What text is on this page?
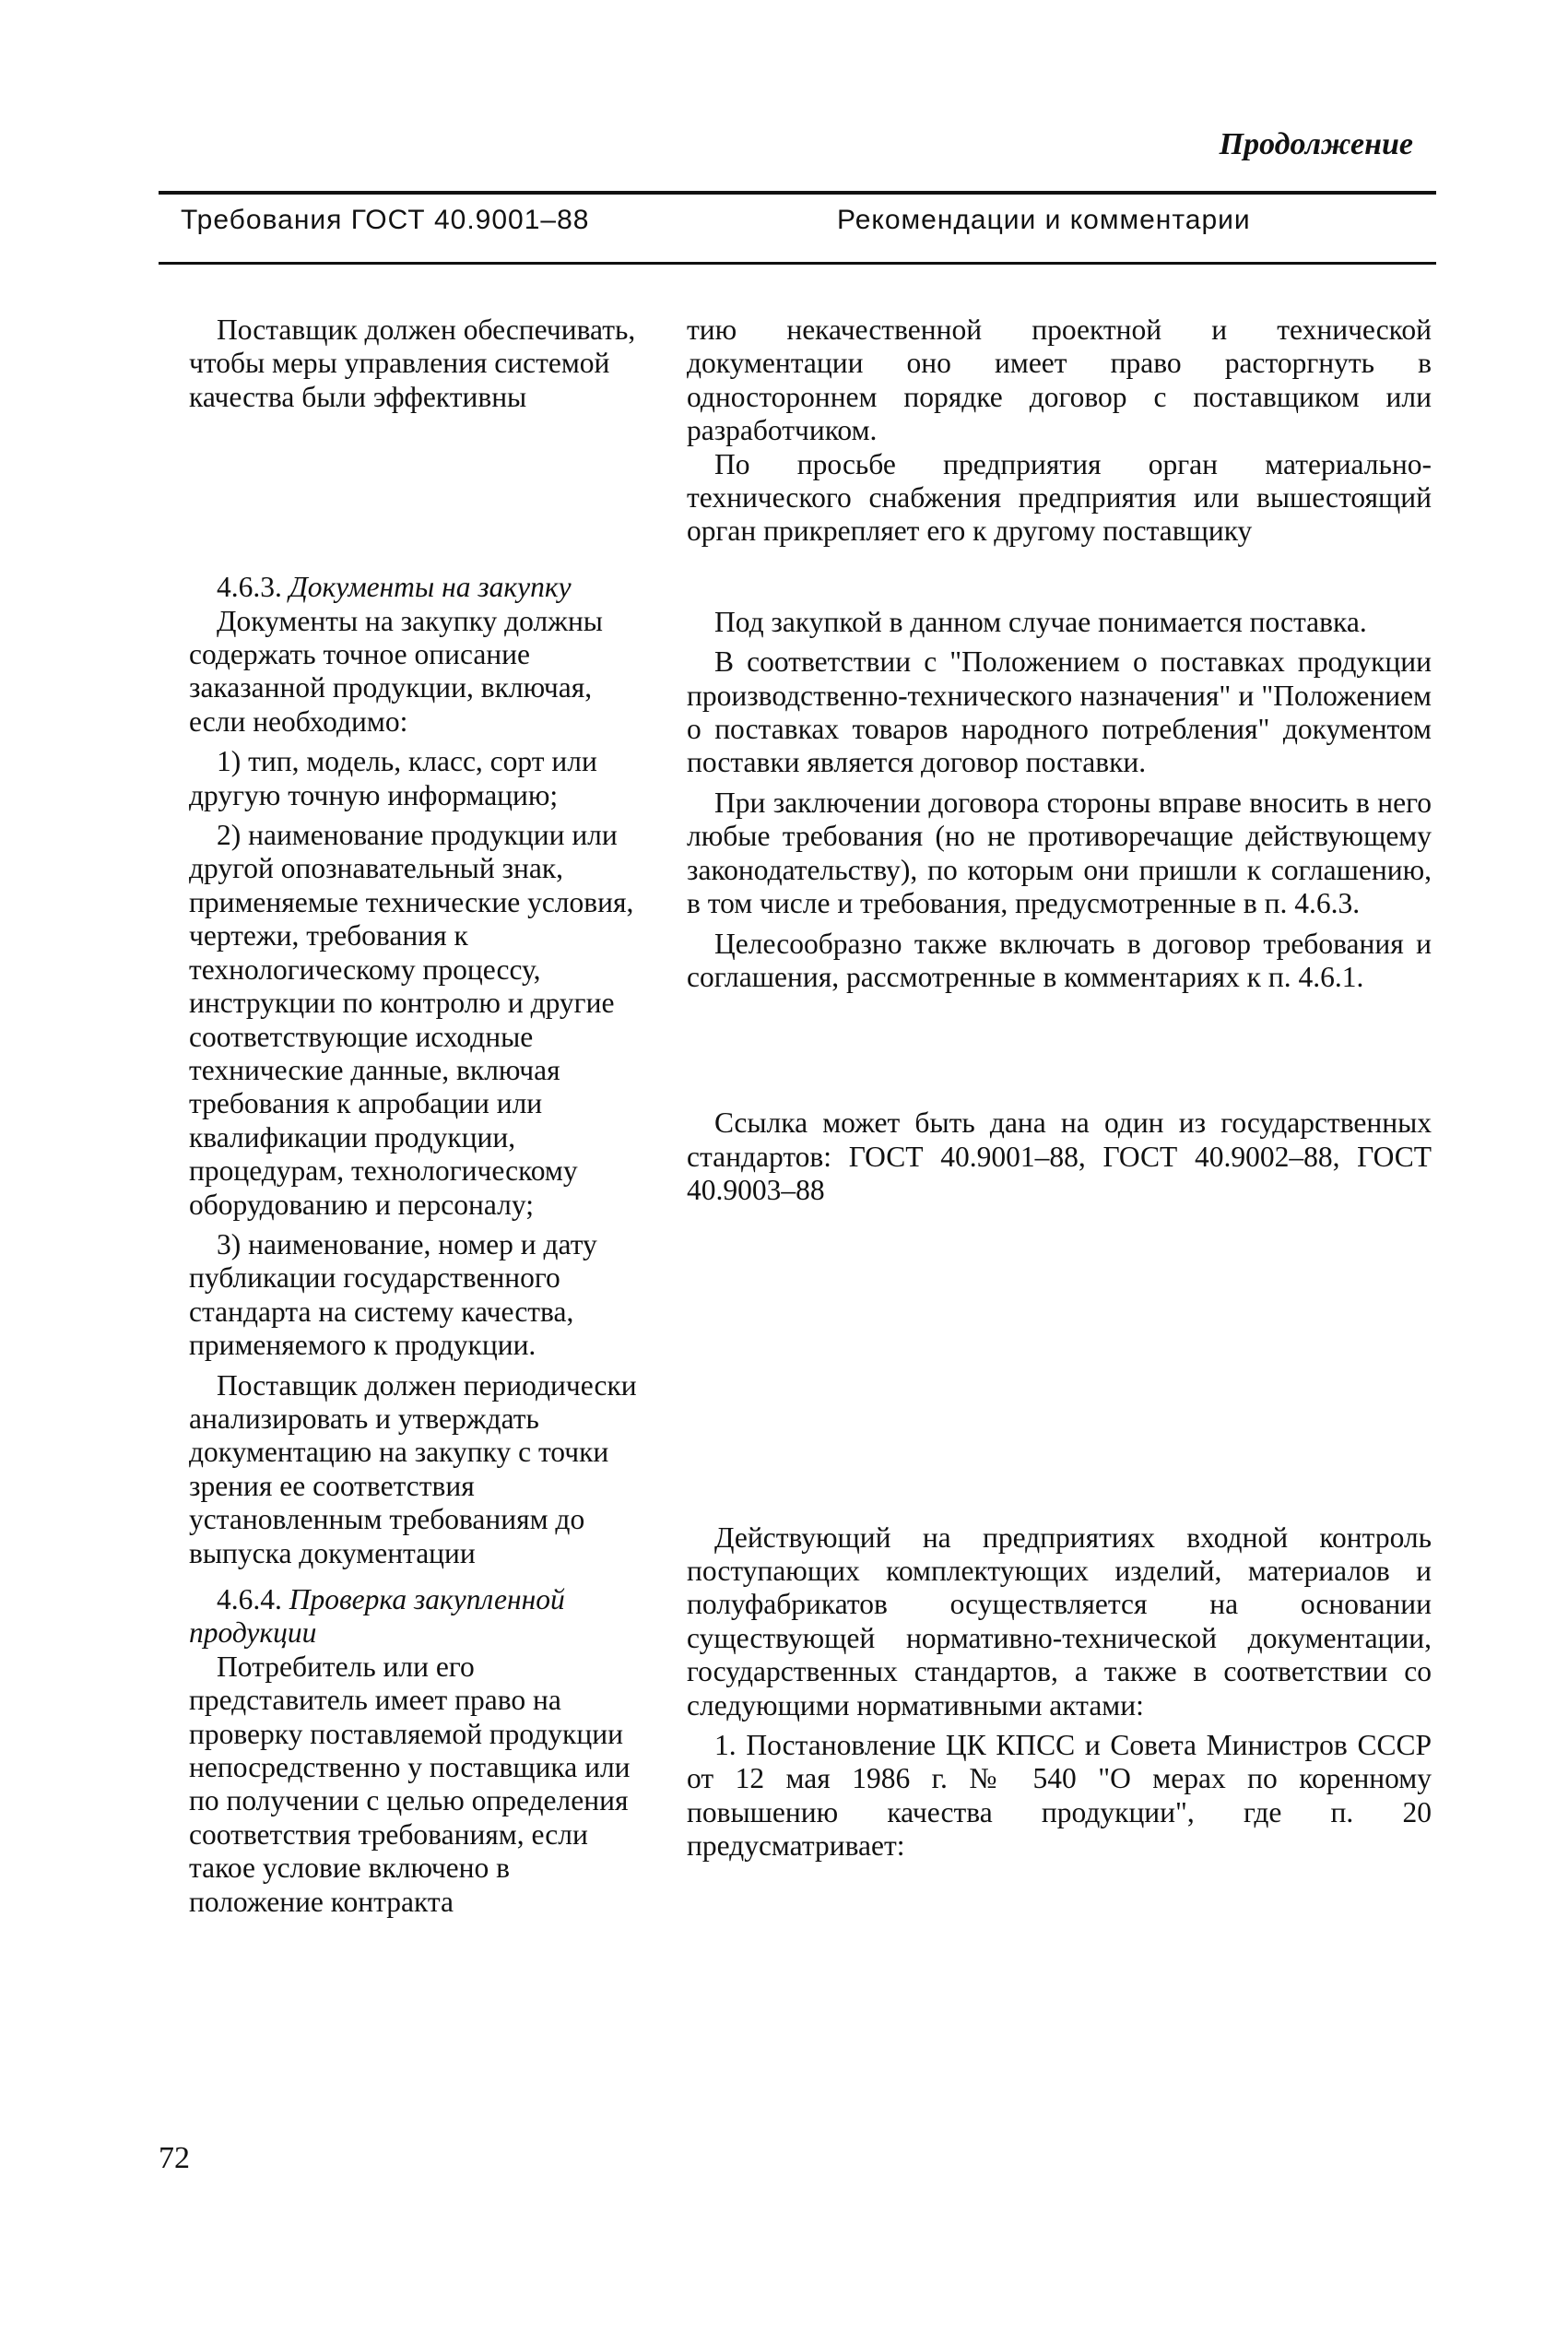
Продолжение
Требования ГОСТ 40.9001–88	Рекомендации и комментарии

Поставщик должен обеспечивать, чтобы меры управления системой качества были эффективны

4.6.3. Документы на закупку

Документы на закупку должны содержать точное описание заказанной продукции, включая, если необходимо:

1) тип, модель, класс, сорт или другую точную информацию;

2) наименование продукции или другой опознавательный знак, применяемые технические условия, чертежи, требования к технологическому процессу, инструкции по контролю и другие соответствующие исходные технические данные, включая требования к апробации или квалификации продукции, процедурам, технологическому оборудованию и персоналу;

3) наименование, номер и дату публикации государственного стандарта на систему качества, применяемого к продукции.

Поставщик должен периодически анализировать и утверждать документацию на закупку с точки зрения ее соответствия установленным требованиям до выпуска документации

4.6.4. Проверка закупленной продукции

Потребитель или его представитель имеет право на проверку поставляемой продукции непосредственно у поставщика или по получении с целью определения соответствия требованиям, если такое условие включено в положение контракта

тию некачественной проектной и технической документации оно имеет право расторгнуть в одностороннем порядке договор с поставщиком или разработчиком.

По просьбе предприятия орган материально-технического снабжения предприятия или вышестоящий орган прикрепляет его к другому поставщику

Под закупкой в данном случае понимается поставка.

В соответствии с "Положением о поставках продукции производственно-технического назначения" и "Положением о поставках товаров народного потребления" документом поставки является договор поставки.

При заключении договора стороны вправе вносить в него любые требования (но не противоречащие действующему законодательству), по которым они пришли к соглашению, в том числе и требования, предусмотренные в п. 4.6.3.

Целесообразно также включать в договор требования и соглашения, рассмотренные в комментариях к п. 4.6.1.

Ссылка может быть дана на один из государственных стандартов: ГОСТ 40.9001–88, ГОСТ 40.9002–88, ГОСТ 40.9003–88

Действующий на предприятиях входной контроль поступающих комплектующих изделий, материалов и полуфабрикатов осуществляется на основании существующей нормативно-технической документации, государственных стандартов, а также в соответствии со следующими нормативными актами:

1. Постановление ЦК КПСС и Совета Министров СССР от 12 мая 1986 г. № 540 "О мерах по коренному повышению качества продукции", где п. 20 предусматривает:

72
